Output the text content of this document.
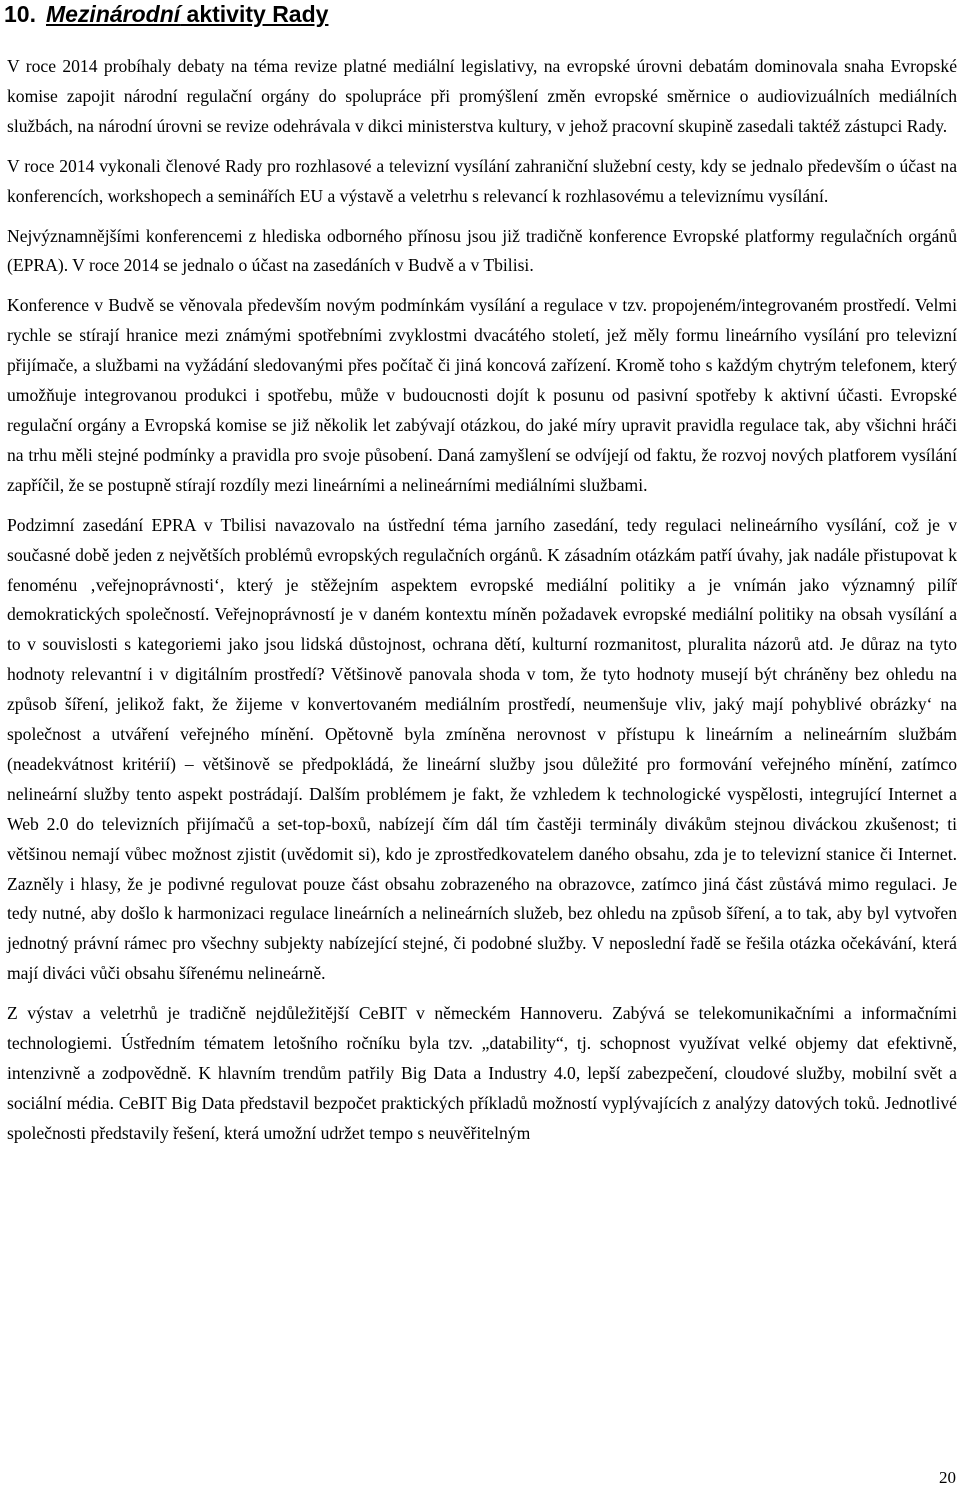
10. Mezinárodní aktivity Rady

V roce 2014 probíhaly debaty na téma revize platné mediální legislativy, na evropské úrovni debatám dominovala snaha Evropské komise zapojit národní regulační orgány do spolupráce při promýšlení změn evropské směrnice o audiovizuálních mediálních službách, na národní úrovni se revize odehrávala v dikci ministerstva kultury, v jehož pracovní skupině zasedali taktéž zástupci Rady.

V roce 2014 vykonali členové Rady pro rozhlasové a televizní vysílání zahraniční služební cesty, kdy se jednalo především o účast na konferencích, workshopech a seminářích EU a výstavě a veletrhu s relevancí k rozhlasovému a televiznímu vysílání.

Nejvýznamnějšími konferencemi z hlediska odborného přínosu jsou již tradičně konference Evropské platformy regulačních orgánů (EPRA). V roce 2014 se jednalo o účast na zasedáních v Budvě a v Tbilisi.

Konference v Budvě se věnovala především novým podmínkám vysílání a regulace v tzv. propojeném/integrovaném prostředí. Velmi rychle se stírají hranice mezi známými spotřebními zvyklostmi dvacátého století, jež měly formu lineárního vysílání pro televizní přijímače, a službami na vyžádání sledovanými přes počítač či jiná koncová zařízení. Kromě toho s každým chytrým telefonem, který umožňuje integrovanou produkci i spotřebu, může v budoucnosti dojít k posunu od pasivní spotřeby k aktivní účasti. Evropské regulační orgány a Evropská komise se již několik let zabývají otázkou, do jaké míry upravit pravidla regulace tak, aby všichni hráči na trhu měli stejné podmínky a pravidla pro svoje působení. Daná zamyšlení se odvíjejí od faktu, že rozvoj nových platforem vysílání zapříčil, že se postupně stírají rozdíly mezi lineárními a nelineárními mediálními službami.

Podzimní zasedání EPRA v Tbilisi navazovalo na ústřední téma jarního zasedání, tedy regulaci nelineárního vysílání, což je v současné době jeden z největších problémů evropských regulačních orgánů. K zásadním otázkám patří úvahy, jak nadále přistupovat k fenoménu ‚veřejnoprávnosti‘, který je stěžejním aspektem evropské mediální politiky a je vnímán jako významný pilíř demokratických společností. Veřejnoprávností je v daném kontextu míněn požadavek evropské mediální politiky na obsah vysílání a to v souvislosti s kategoriemi jako jsou lidská důstojnost, ochrana dětí, kulturní rozmanitost, pluralita názorů atd. Je důraz na tyto hodnoty relevantní i v digitálním prostředí? Většinově panovala shoda v tom, že tyto hodnoty musejí být chráněny bez ohledu na způsob šíření, jelikož fakt, že žijeme v konvertovaném mediálním prostředí, neumenšuje vliv, jaký mají pohyblivé obrázky‘ na společnost a utváření veřejného mínění. Opětovně byla zmíněna nerovnost v přístupu k lineárním a nelineárním službám (neadekvátnost kritérií) – většinově se předpokládá, že lineární služby jsou důležité pro formování veřejného mínění, zatímco nelineární služby tento aspekt postrádají. Dalším problémem je fakt, že vzhledem k technologické vyspělosti, integrující Internet a Web 2.0 do televizních přijímačů a set-top-boxů, nabízejí čím dál tím častěji terminály divákům stejnou diváckou zkušenost; ti většinou nemají vůbec možnost zjistit (uvědomit si), kdo je zprostředkovatelem daného obsahu, zda je to televizní stanice či Internet. Zazněly i hlasy, že je podivné regulovat pouze část obsahu zobrazeného na obrazovce, zatímco jiná část zůstává mimo regulaci. Je tedy nutné, aby došlo k harmonizaci regulace lineárních a nelineárních služeb, bez ohledu na způsob šíření, a to tak, aby byl vytvořen jednotný právní rámec pro všechny subjekty nabízející stejné, či podobné služby. V neposlední řadě se řešila otázka očekávání, která mají diváci vůči obsahu šířenému nelineárně.

Z výstav a veletrhů je tradičně nejdůležitější CeBIT v německém Hannoveru. Zabývá se telekomunikačními a informačními technologiemi. Ústředním tématem letošního ročníku byla tzv. „datability“, tj. schopnost využívat velké objemy dat efektivně, intenzivně a zodpovědně. K hlavním trendům patřily Big Data a Industry 4.0, lepší zabezpečení, cloudové služby, mobilní svět a sociální média. CeBIT Big Data představil bezpočet praktických příkladů možností vyplývajících z analýzy datových toků. Jednotlivé společnosti představily řešení, která umožní udržet tempo s neuvěřitelným

20
